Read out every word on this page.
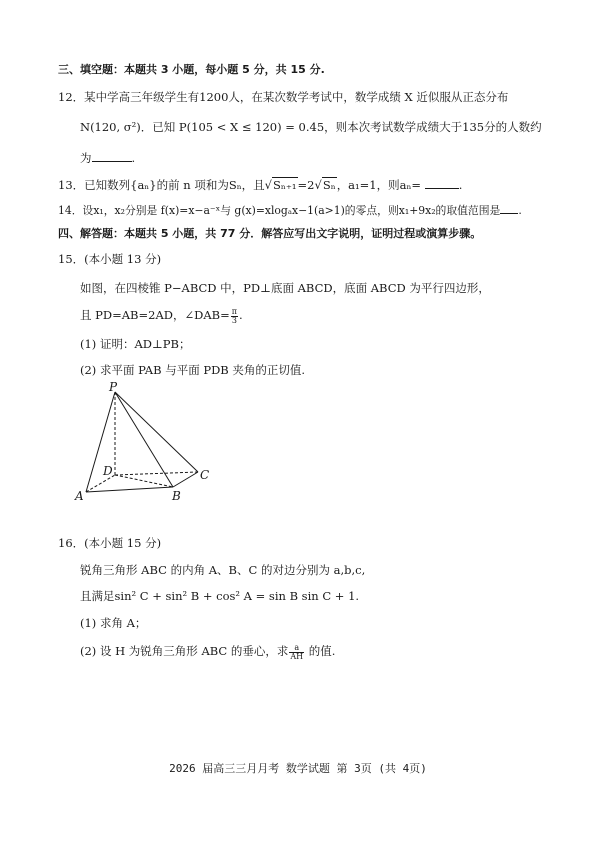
三、填空题：本题共 3 小题，每小题 5 分，共 15 分.
12．某中学高三年级学生有1200人，在某次数学考试中，数学成绩 X 近似服从正态分布
N(120, σ²)．已知 P(105 < X ≤ 120) = 0.45，则本次考试数学成绩大于135分的人数约
为	.
13．已知数列{aₙ}的前 n 项和为Sₙ，且√Sₙ₊₁=2√Sₙ，a₁=1，则aₙ=	.
14．设x₁，x₂分别是 f(x)=x−a⁻ˣ与 g(x)=xlogₐx−1(a>1)的零点，则x₁+9x₂的取值范围是 .
四、解答题：本题共 5 小题，共 77 分．解答应写出文字说明，证明过程或演算步骤。
15．(本小题 13 分)
如图，在四棱锥 P−ABCD 中，PD⊥底面 ABCD，底面 ABCD 为平行四边形，
且 PD=AB=2AD，∠DAB= $\frac{\pi}{3}$ .
(1) 证明：AD⊥PB；
(2) 求平面 PAB 与平面 PDB 夹角的正切值.
P
D	C
A	B
16．(本小题 15 分)
锐角三角形 ABC 的内角 A、B、C 的对边分别为 a,b,c,
且满足sin² C + sin² B + cos² A = sin B sin C + 1.
(1) 求角 A；
(2) 设 H 为锐角三角形 ABC 的垂心，求 $\frac{a}{AH}$ 的值.
2026 届高三三月月考 数学试题 第 3页 (共 4页)
